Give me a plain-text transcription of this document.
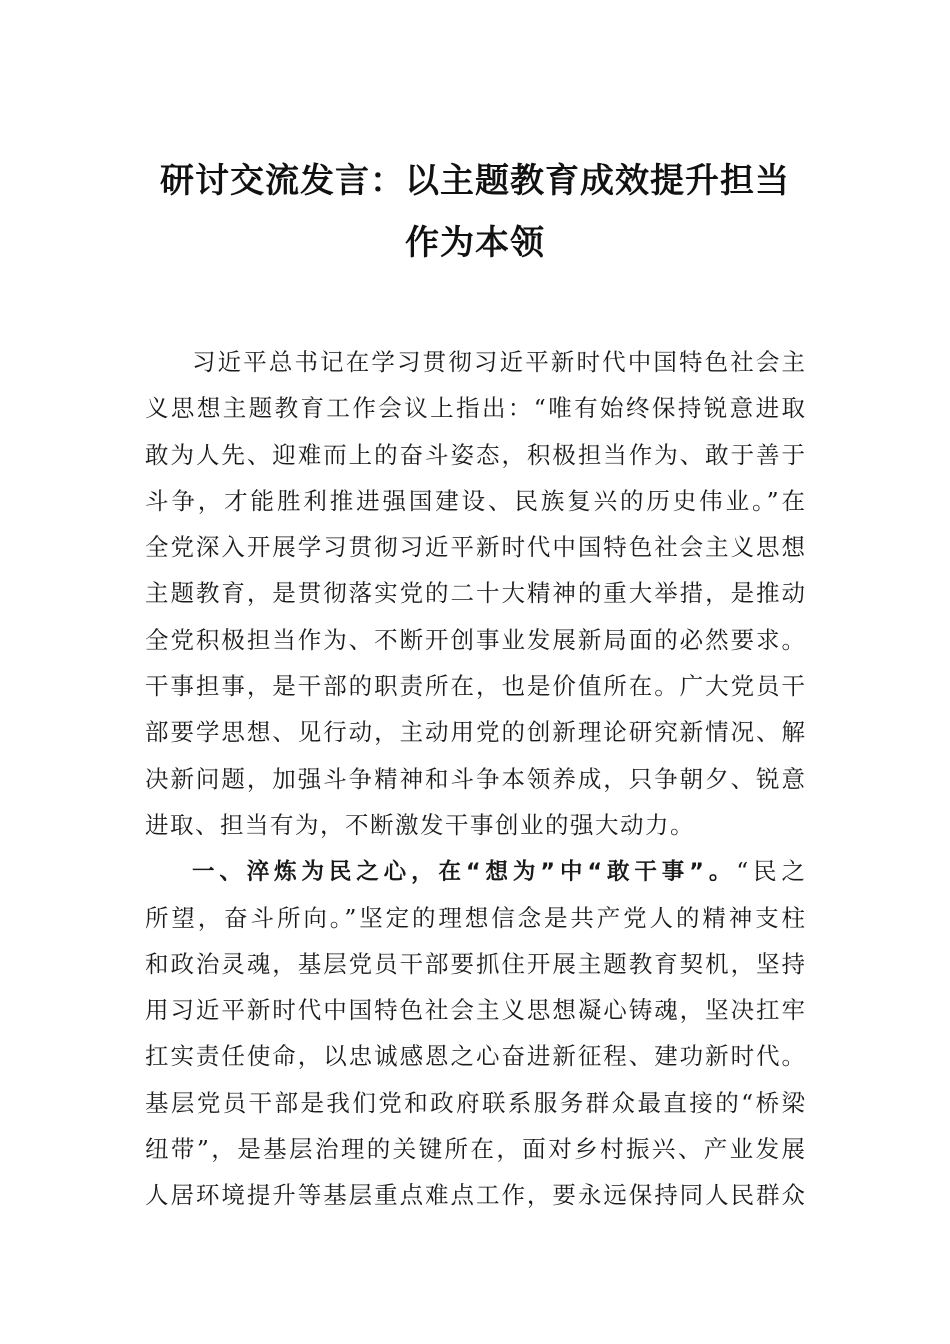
研讨交流发言：以主题教育成效提升担当
作为本领
习近平总书记在学习贯彻习近平新时代中国特色社会主
义思想主题教育工作会议上指出：“唯有始终保持锐意进取
敢为人先、迎难而上的奋斗姿态，积极担当作为、敢于善于
斗争，才能胜利推进强国建设、民族复兴的历史伟业。”在
全党深入开展学习贯彻习近平新时代中国特色社会主义思想
主题教育，是贯彻落实党的二十大精神的重大举措，是推动
全党积极担当作为、不断开创事业发展新局面的必然要求。
干事担事，是干部的职责所在，也是价值所在。广大党员干
部要学思想、见行动，主动用党的创新理论研究新情况、解
决新问题，加强斗争精神和斗争本领养成，只争朝夕、锐意
进取、担当有为，不断激发干事创业的强大动力。
一、淬炼为民之心，在“想为”中“敢干事”。“民之
所望，奋斗所向。”坚定的理想信念是共产党人的精神支柱
和政治灵魂，基层党员干部要抓住开展主题教育契机，坚持
用习近平新时代中国特色社会主义思想凝心铸魂，坚决扛牢
扛实责任使命，以忠诚感恩之心奋进新征程、建功新时代。
基层党员干部是我们党和政府联系服务群众最直接的“桥梁
纽带”，是基层治理的关键所在，面对乡村振兴、产业发展
人居环境提升等基层重点难点工作，要永远保持同人民群众
